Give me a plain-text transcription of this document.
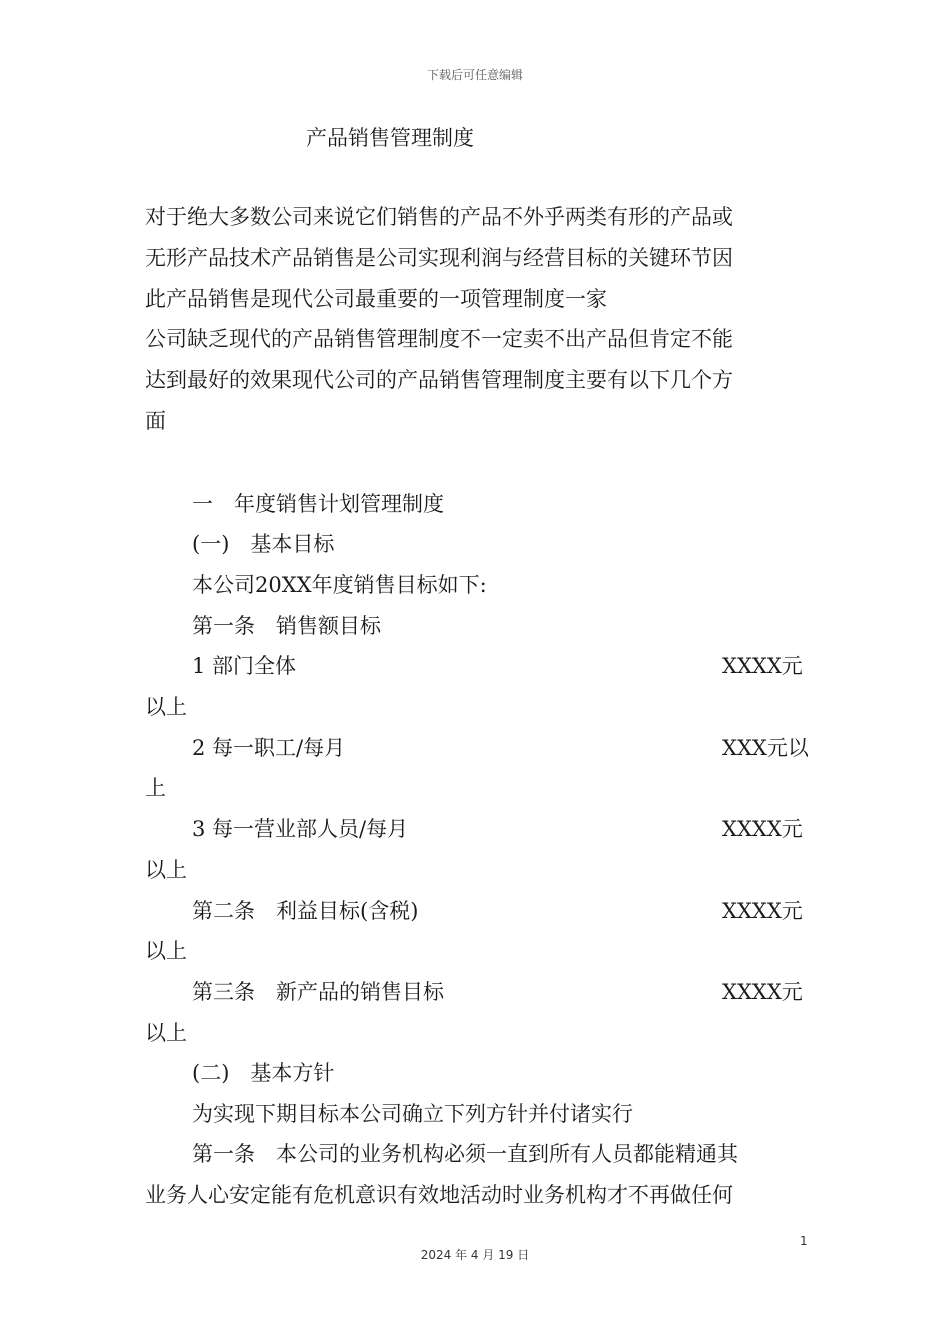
下载后可任意编辑
产品销售管理制度
对于绝大多数公司来说它们销售的产品不外乎两类有形的产品或
无形产品技术产品销售是公司实现利润与经营目标的关键环节因
此产品销售是现代公司最重要的一项管理制度一家
公司缺乏现代的产品销售管理制度不一定卖不出产品但肯定不能
达到最好的效果现代公司的产品销售管理制度主要有以下几个方
面
一　年度销售计划管理制度
(一)　基本目标
本公司20XX年度销售目标如下:
第一条　销售额目标
1 部门全体	XXXX元
以上
2 每一职工/每月	XXX元以
上
3 每一营业部人员/每月	XXXX元
以上
第二条　利益目标(含税)	XXXX元
以上
第三条　新产品的销售目标	XXXX元
以上
(二)　基本方针
为实现下期目标本公司确立下列方针并付诸实行
第一条　本公司的业务机构必须一直到所有人员都能精通其
业务人心安定能有危机意识有效地活动时业务机构才不再做任何
1
2024 年 4 月 19 日
